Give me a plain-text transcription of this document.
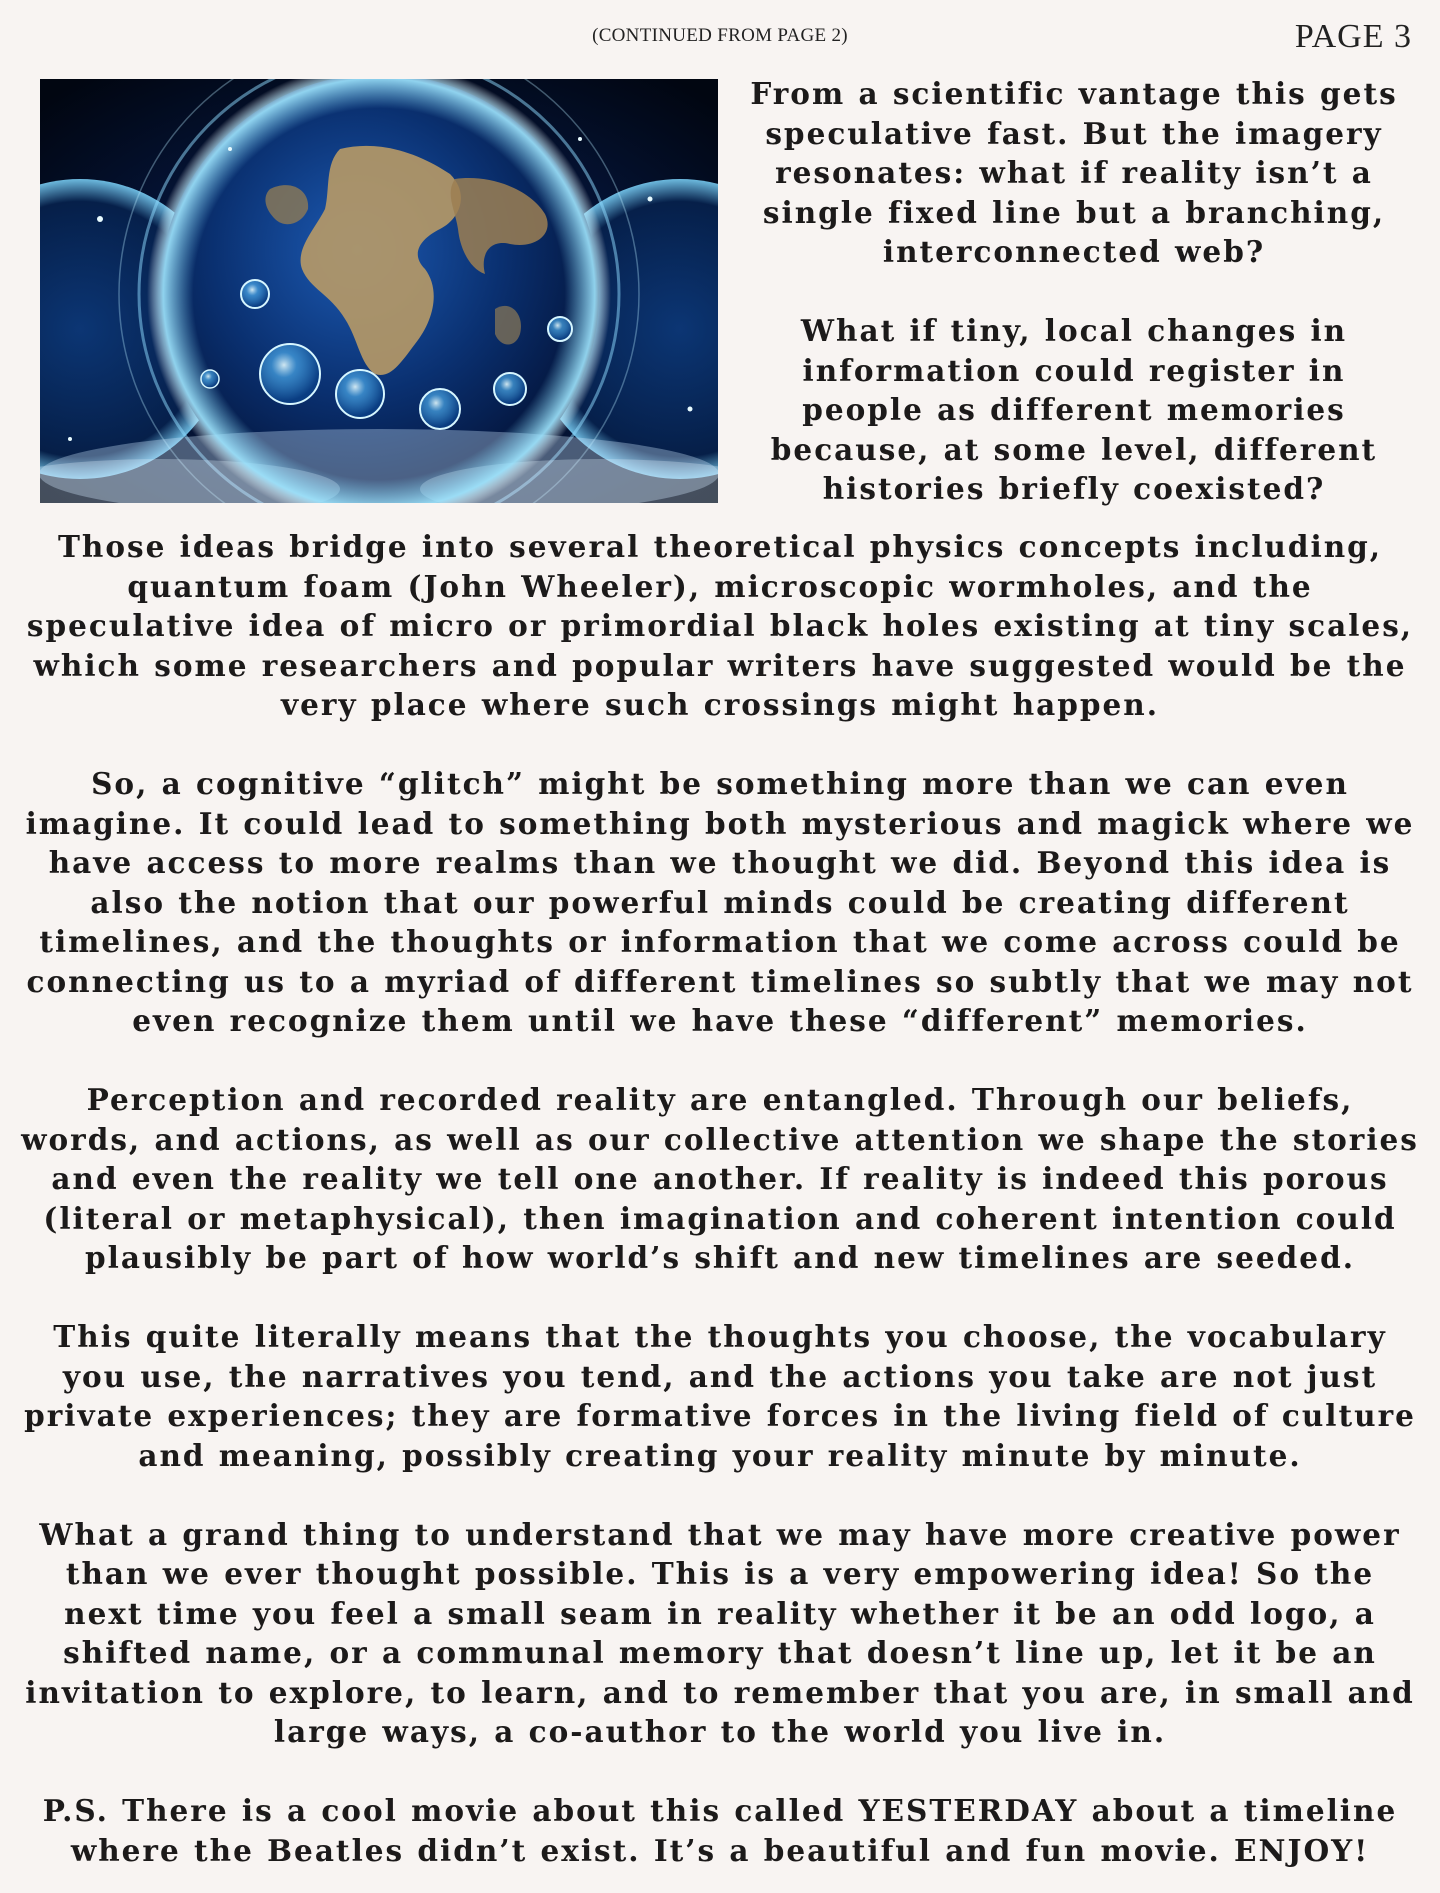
(CONTINUED FROM PAGE 2)	PAGE 3

From a scientific vantage this gets speculative fast. But the imagery resonates: what if reality isn’t a single fixed line but a branching, interconnected web?

What if tiny, local changes in information could register in people as different memories because, at some level, different histories briefly coexisted?

Those ideas bridge into several theoretical physics concepts including, quantum foam (John Wheeler), microscopic wormholes, and the speculative idea of micro or primordial black holes existing at tiny scales, which some researchers and popular writers have suggested would be the very place where such crossings might happen.

So, a cognitive “glitch” might be something more than we can even imagine. It could lead to something both mysterious and magick where we have access to more realms than we thought we did. Beyond this idea is also the notion that our powerful minds could be creating different timelines, and the thoughts or information that we come across could be connecting us to a myriad of different timelines so subtly that we may not even recognize them until we have these “different” memories.

Perception and recorded reality are entangled. Through our beliefs, words, and actions, as well as our collective attention we shape the stories and even the reality we tell one another. If reality is indeed this porous (literal or metaphysical), then imagination and coherent intention could plausibly be part of how world’s shift and new timelines are seeded.

This quite literally means that the thoughts you choose, the vocabulary you use, the narratives you tend, and the actions you take are not just private experiences; they are formative forces in the living field of culture and meaning, possibly creating your reality minute by minute.

What a grand thing to understand that we may have more creative power than we ever thought possible. This is a very empowering idea! So the next time you feel a small seam in reality whether it be an odd logo, a shifted name, or a communal memory that doesn’t line up, let it be an invitation to explore, to learn, and to remember that you are, in small and large ways, a co-author to the world you live in.

P.S. There is a cool movie about this called YESTERDAY about a timeline where the Beatles didn’t exist. It’s a beautiful and fun movie. ENJOY!
